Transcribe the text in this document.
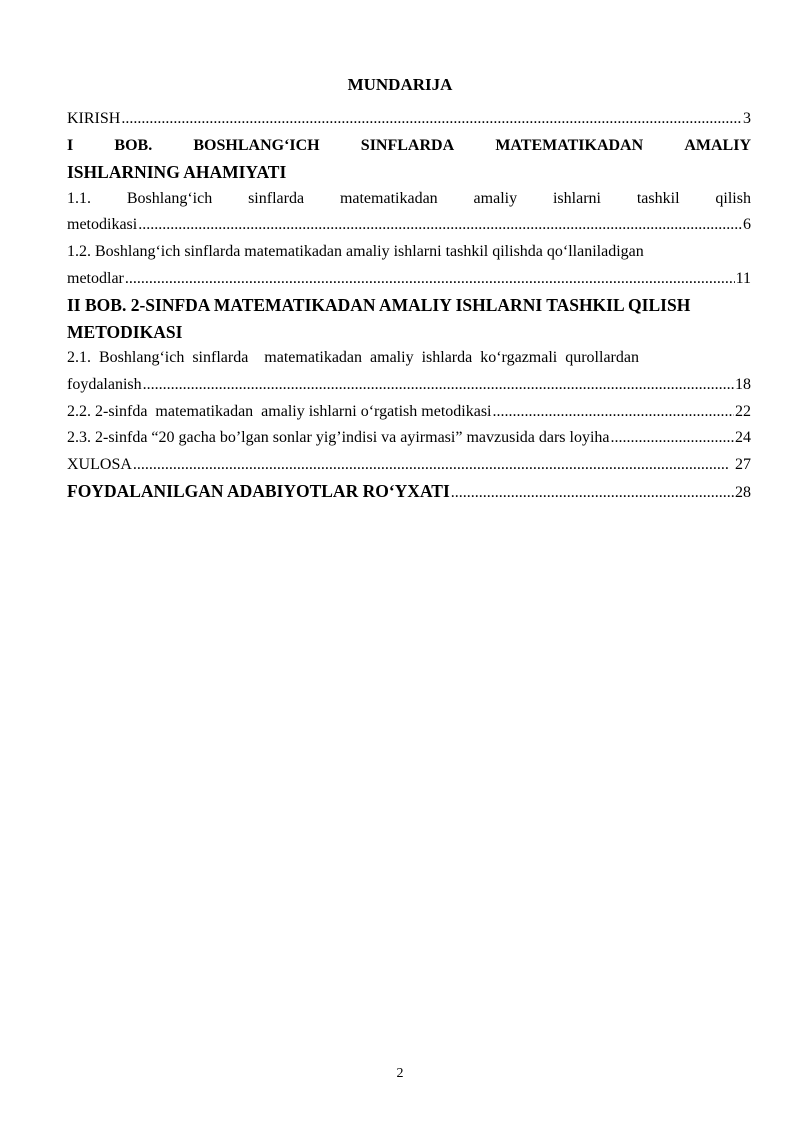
MUNDARIJA
KIRISH .....	3
I	BOB.	BOSHLANG‘ICH	SINFLARDA	MATEMATIKADAN	AMALIY
ISHLARNING AHAMIYATI
1.1. Boshlang‘ich sinflarda matematikadan amaliy ishlarni tashkil qilish
metodikasi .....	6
1.2. Boshlang‘ich sinflarda matematikadan amaliy ishlarni tashkil qilishda qo‘llaniladigan
metodlar .....	11
II BOB. 2-SINFDA MATEMATIKADAN AMALIY ISHLARNI TASHKIL QILISH
METODIKASI
2.1.  Boshlang‘ich  sinflarda    matematikadan  amaliy  ishlarda  ko‘rgazmali  qurollardan
foydalanish .....	18
2.2. 2-sinfda  matematikadan  amaliy ishlarni o‘rgatish metodikasi .....	22
2.3. 2-sinfda “20 gacha bo’lgan sonlar yig’indisi va ayirmasi” mavzusida dars loyiha .....	24
XULOSA .....	27
FOYDALANILGAN ADABIYOTLAR RO‘YXATI .....	28
2
